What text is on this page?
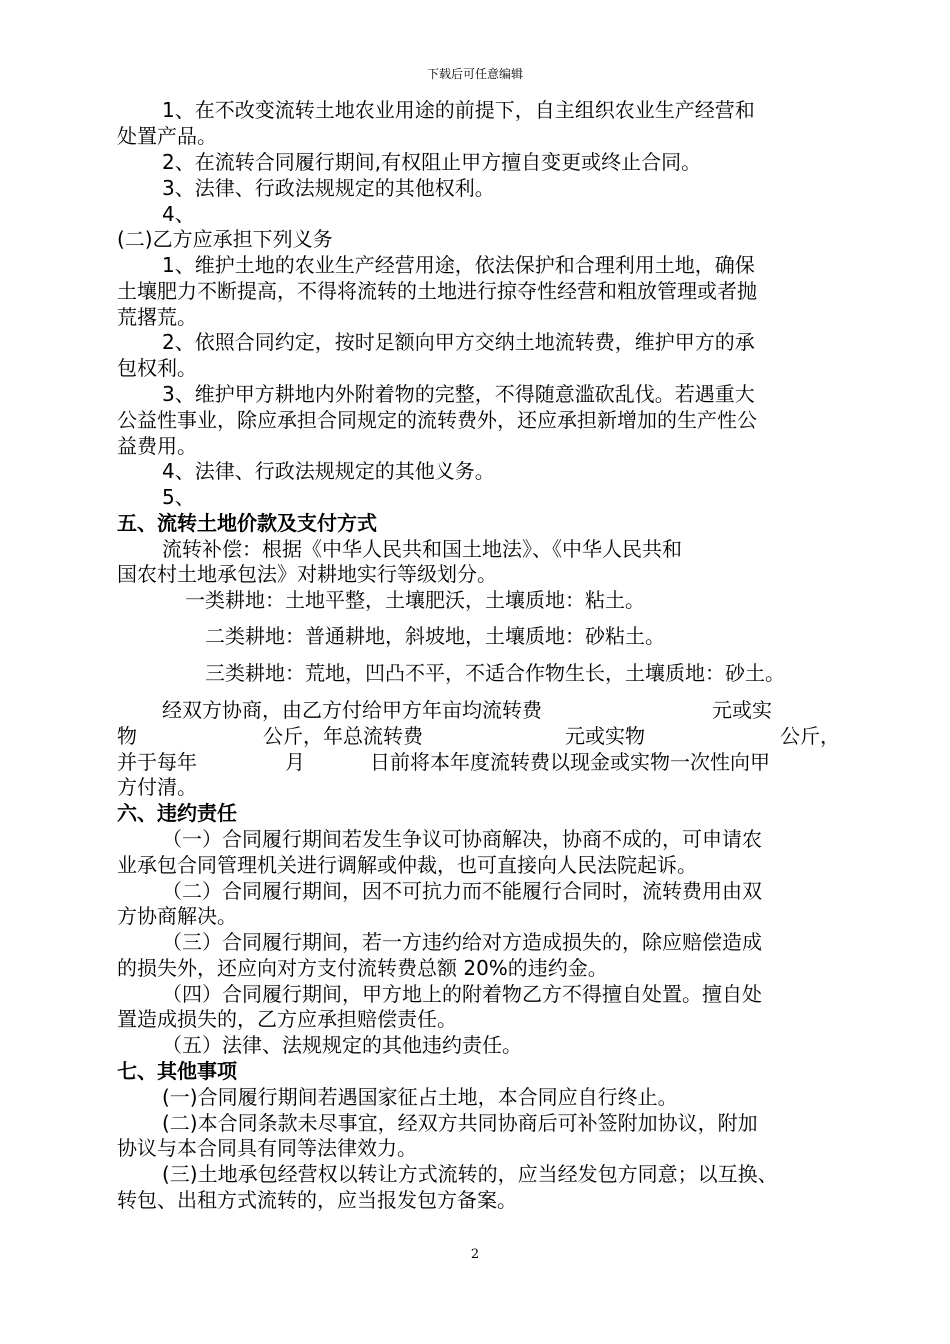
下载后可任意编辑
1、在不改变流转土地农业用途的前提下，自主组织农业生产经营和
处置产品。
2、在流转合同履行期间,有权阻止甲方擅自变更或终止合同。
3、法律、行政法规规定的其他权利。
4、
(二)乙方应承担下列义务
1、维护土地的农业生产经营用途，依法保护和合理利用土地，确保
土壤肥力不断提高，不得将流转的土地进行掠夺性经营和粗放管理或者抛
荒撂荒。
2、依照合同约定，按时足额向甲方交纳土地流转费，维护甲方的承
包权利。
3、维护甲方耕地内外附着物的完整，不得随意滥砍乱伐。若遇重大
公益性事业，除应承担合同规定的流转费外，还应承担新增加的生产性公
益费用。
4、法律、行政法规规定的其他义务。
5、
五、流转土地价款及支付方式
流转补偿：根据《中华人民共和国土地法》、《中华人民共和
国农村土地承包法》对耕地实行等级划分。
一类耕地：土地平整，土壤肥沃，土壤质地：粘土。
二类耕地：普通耕地，斜坡地，土壤质地：砂粘土。
三类耕地：荒地，凹凸不平，不适合作物生长，土壤质地：砂土。
经双方协商，由乙方付给甲方年亩均流转费	元或实
物	公斤，年总流转费	元或实物	公斤，
并于每年	月	日前将本年度流转费以现金或实物一次性向甲
方付清。
六、违约责任
（一）合同履行期间若发生争议可协商解决，协商不成的，可申请农
业承包合同管理机关进行调解或仲裁，也可直接向人民法院起诉。
（二）合同履行期间，因不可抗力而不能履行合同时，流转费用由双
方协商解决。
（三）合同履行期间，若一方违约给对方造成损失的，除应赔偿造成
的损失外，还应向对方支付流转费总额 20%的违约金。
（四）合同履行期间，甲方地上的附着物乙方不得擅自处置。擅自处
置造成损失的，乙方应承担赔偿责任。
（五）法律、法规规定的其他违约责任。
七、其他事项
(一)合同履行期间若遇国家征占土地，本合同应自行终止。
(二)本合同条款未尽事宜，经双方共同协商后可补签附加协议，附加
协议与本合同具有同等法律效力。
(三)土地承包经营权以转让方式流转的，应当经发包方同意；以互换、
转包、出租方式流转的，应当报发包方备案。
2
